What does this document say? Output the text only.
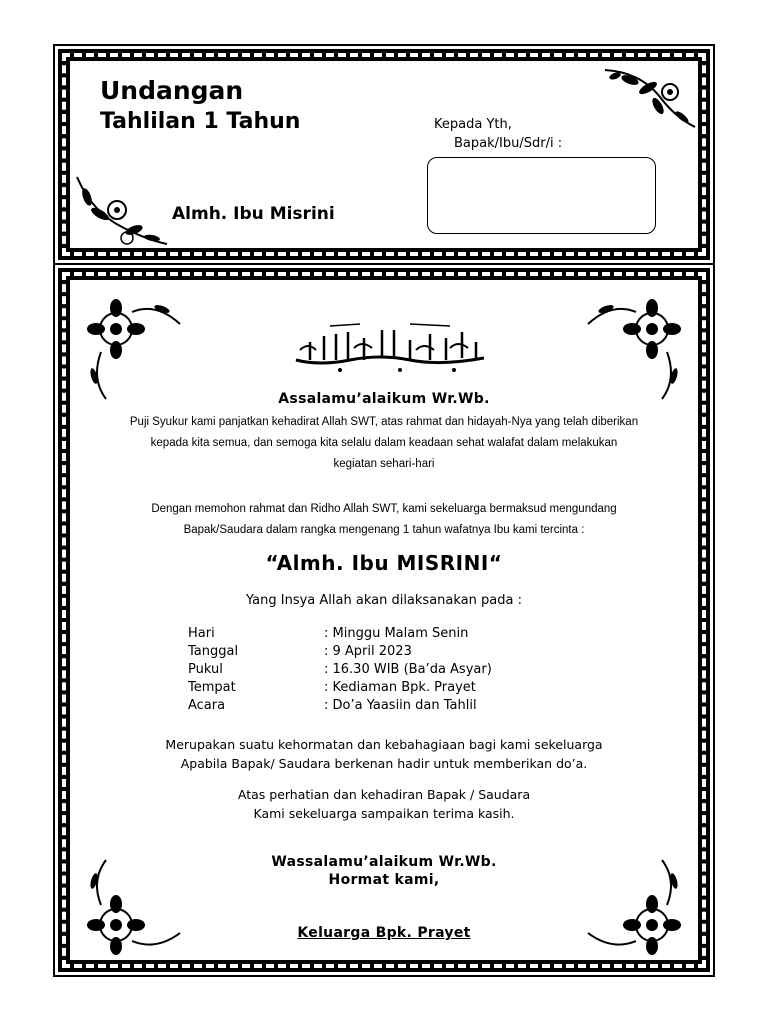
Undangan
Tahlilan 1 Tahun
Almh. Ibu Misrini
Kepada Yth,
Bapak/Ibu/Sdr/i :
Assalamu’alaikum Wr.Wb.
Puji Syukur kami panjatkan kehadirat Allah SWT, atas rahmat dan hidayah-Nya yang telah diberikan
kepada kita semua, dan semoga kita selalu dalam keadaan sehat walafat dalam melakukan
kegiatan sehari-hari
Dengan memohon rahmat dan Ridho Allah SWT, kami sekeluarga bermaksud mengundang
Bapak/Saudara dalam rangka mengenang 1 tahun wafatnya Ibu kami tercinta :
“Almh. Ibu MISRINI“
Yang Insya Allah akan dilaksanakan pada :
Hari	: Minggu Malam Senin
Tanggal	: 9 April 2023
Pukul	: 16.30 WIB (Ba’da Asyar)
Tempat	: Kediaman Bpk. Prayet
Acara	: Do’a Yaasiin dan Tahlil
Merupakan suatu kehormatan dan kebahagiaan bagi kami sekeluarga
Apabila Bapak/ Saudara berkenan hadir untuk memberikan do’a.
Atas perhatian dan kehadiran Bapak / Saudara
Kami sekeluarga sampaikan terima kasih.
Wassalamu’alaikum Wr.Wb.
Hormat kami,
Keluarga Bpk. Prayet
